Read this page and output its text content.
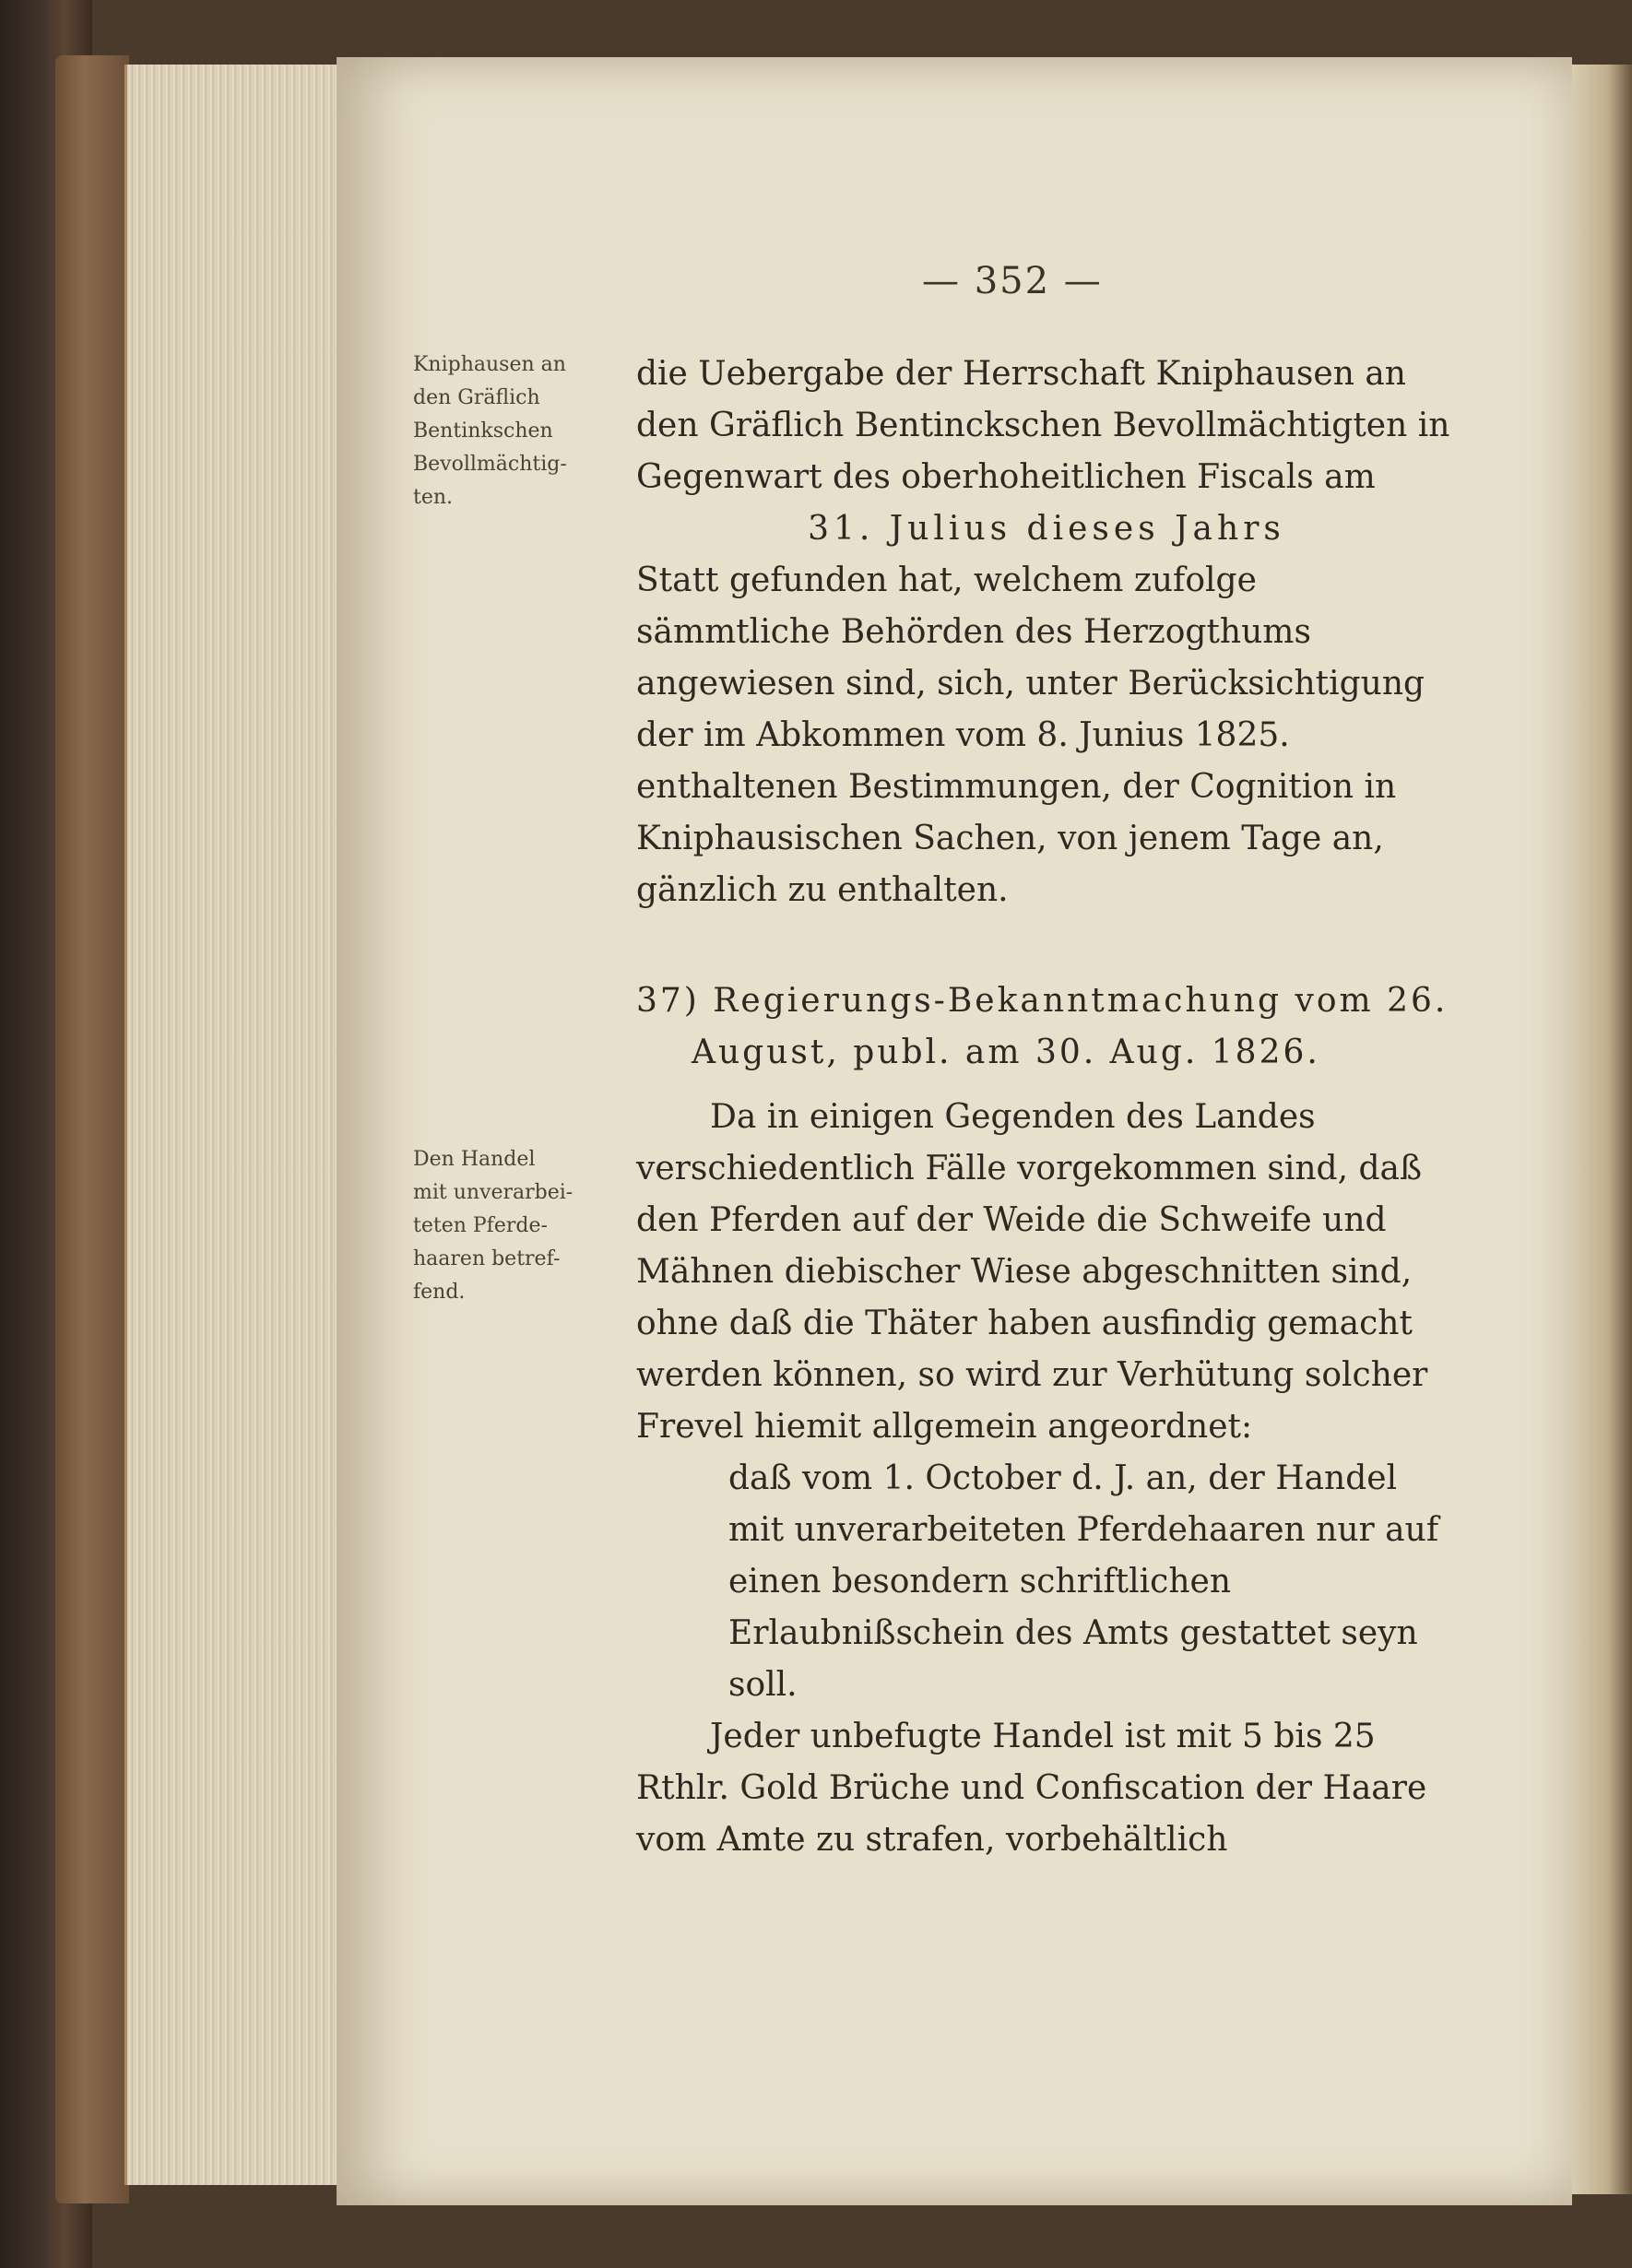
— 352 —
Kniphausen an
den Gräflich
Bentinkschen
Bevollmächtig-
ten.
Den Handel
mit unverarbei-
teten Pferde-
haaren betref-
fend.

die Uebergabe der Herrschaft Kniphausen an den Gräflich Bentinckschen Bevollmächtigten in Gegenwart des oberhoheitlichen Fiscals am

31. Julius dieses Jahrs

Statt gefunden hat, welchem zufolge sämmtliche Behörden des Herzogthums angewiesen sind, sich, unter Berücksichtigung der im Abkommen vom 8. Junius 1825. enthaltenen Bestimmungen, der Cognition in Kniphausischen Sachen, von jenem Tage an, gänzlich zu enthalten.

37) Regierungs-Bekanntmachung vom 26. August, publ. am 30. Aug. 1826.

Da in einigen Gegenden des Landes verschiedentlich Fälle vorgekommen sind, daß den Pferden auf der Weide die Schweife und Mähnen diebischer Wiese abgeschnitten sind, ohne daß die Thäter haben ausfindig gemacht werden können, so wird zur Verhütung solcher Frevel hiemit allgemein angeordnet:

daß vom 1. October d. J. an, der Handel mit unverarbeiteten Pferdehaaren nur auf einen besondern schriftlichen Erlaubnißschein des Amts gestattet seyn soll.

Jeder unbefugte Handel ist mit 5 bis 25 Rthlr. Gold Brüche und Confiscation der Haare vom Amte zu strafen, vorbehältlich
